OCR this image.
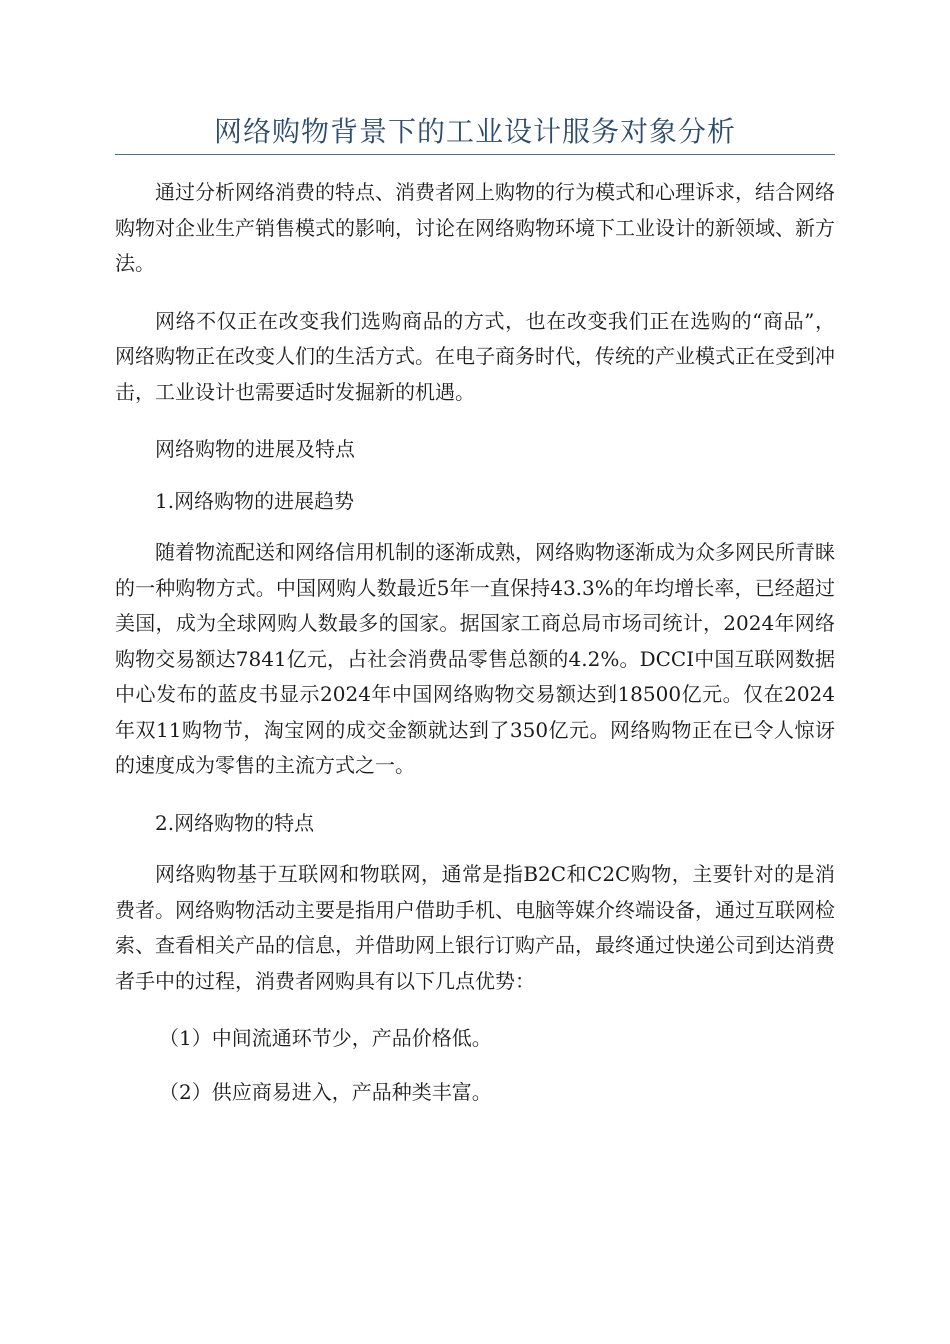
网络购物背景下的工业设计服务对象分析

通过分析网络消费的特点、消费者网上购物的行为模式和心理诉求，结合网络购物对企业生产销售模式的影响，讨论在网络购物环境下工业设计的新领域、新方法。

网络不仅正在改变我们选购商品的方式，也在改变我们正在选购的“商品”，网络购物正在改变人们的生活方式。在电子商务时代，传统的产业模式正在受到冲击，工业设计也需要适时发掘新的机遇。

网络购物的进展及特点

1.网络购物的进展趋势

随着物流配送和网络信用机制的逐渐成熟，网络购物逐渐成为众多网民所青睐的一种购物方式。中国网购人数最近5年一直保持43.3%的年均增长率，已经超过美国，成为全球网购人数最多的国家。据国家工商总局市场司统计，2024年网络购物交易额达7841亿元，占社会消费品零售总额的4.2%。DCCI中国互联网数据中心发布的蓝皮书显示2024年中国网络购物交易额达到18500亿元。仅在2024年双11购物节，淘宝网的成交金额就达到了350亿元。网络购物正在已令人惊讶的速度成为零售的主流方式之一。

2.网络购物的特点

网络购物基于互联网和物联网，通常是指B2C和C2C购物，主要针对的是消费者。网络购物活动主要是指用户借助手机、电脑等媒介终端设备，通过互联网检索、查看相关产品的信息，并借助网上银行订购产品，最终通过快递公司到达消费者手中的过程，消费者网购具有以下几点优势：

（1）中间流通环节少，产品价格低。

（2）供应商易进入，产品种类丰富。
